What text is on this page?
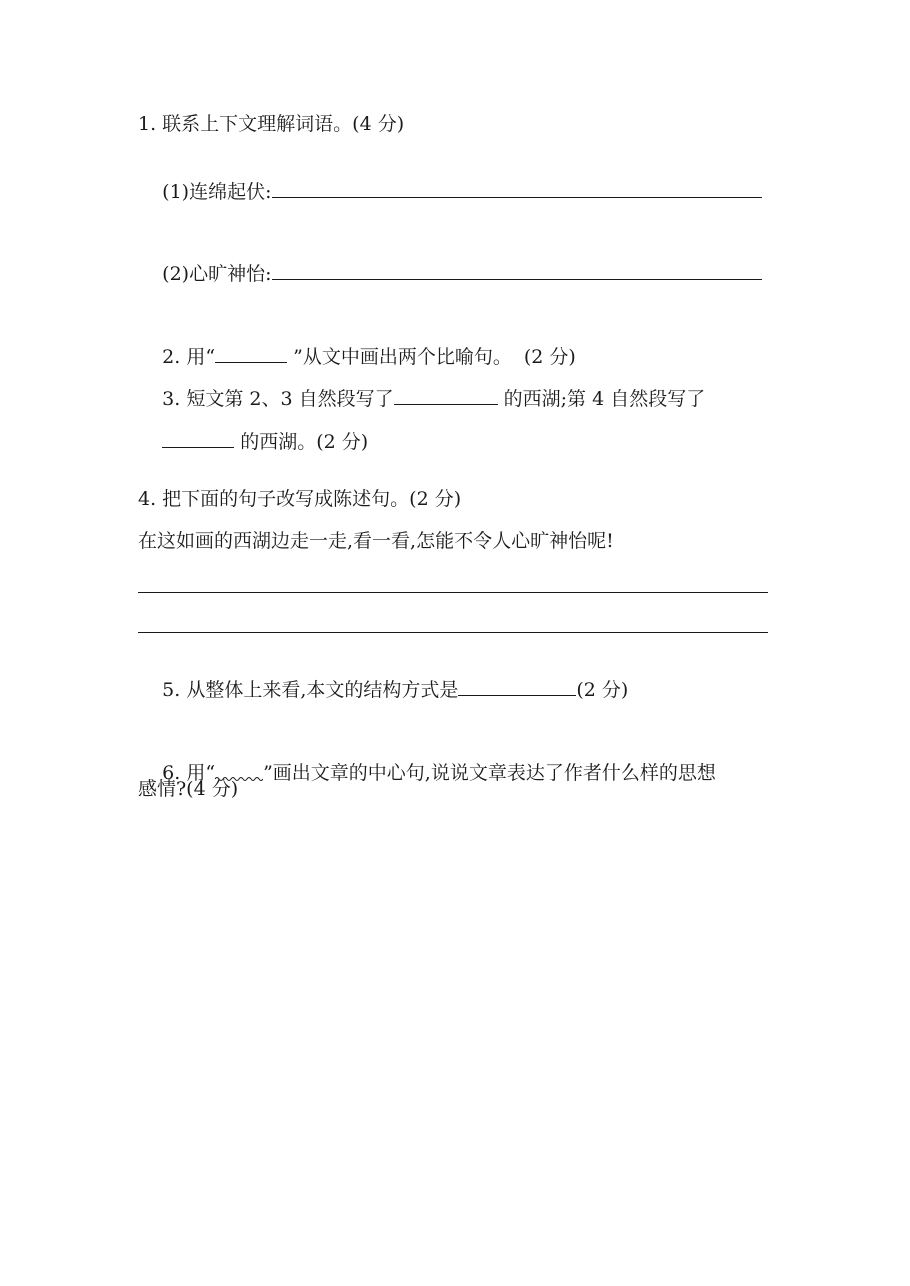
1. 联系上下文理解词语。(4 分)

(1)连绵起伏:

(2)心旷神怡:

2. 用“	”从文中画出两个比喻句。  (2 分)

3. 短文第 2、3 自然段写了	的西湖;第 4 自然段写了

的西湖。(2 分)

4. 把下面的句子改写成陈述句。(2 分)
在这如画的西湖边走一走,看一看,怎能不令人心旷神怡呢!

5. 从整体上来看,本文的结构方式是	(2 分)

6. 用“	”画出文章的中心句,说说文章表达了作者什么样的思想

感情?(4 分)
